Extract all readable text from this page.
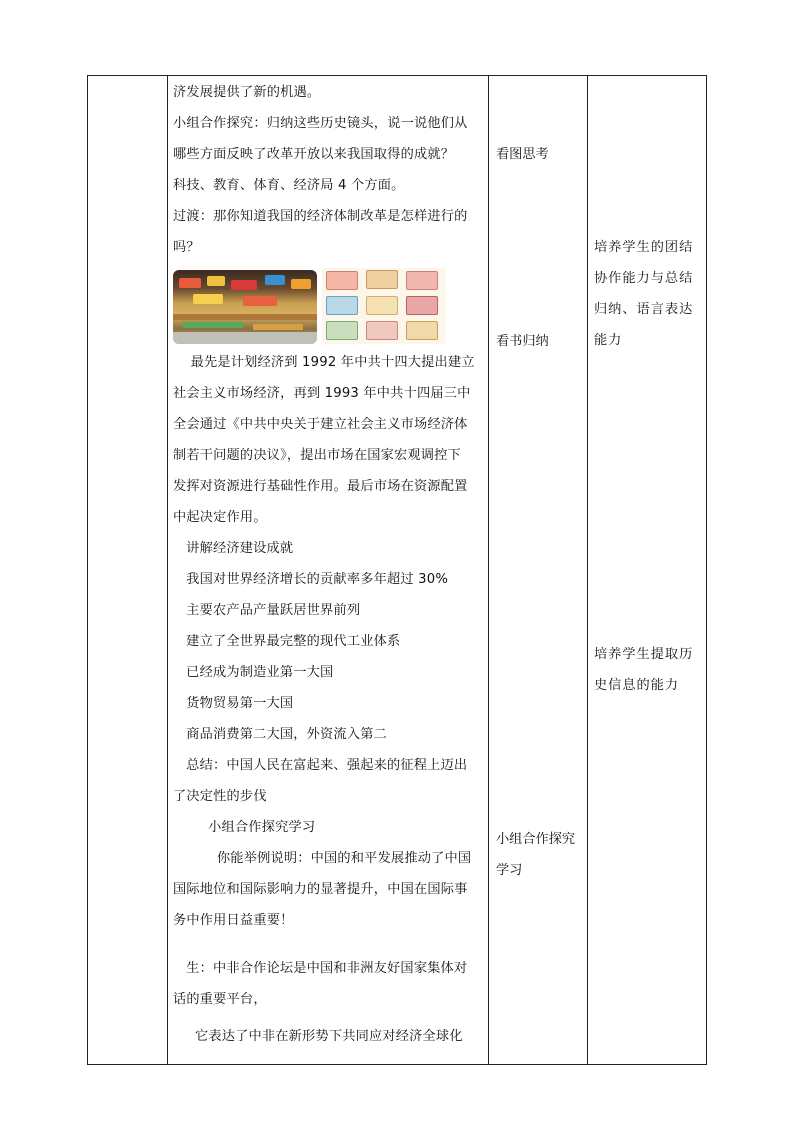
济发展提供了新的机遇。
小组合作探究：归纳这些历史镜头，说一说他们从
哪些方面反映了改革开放以来我国取得的成就？
科技、教育、体育、经济局 4 个方面。
过渡：那你知道我国的经济体制改革是怎样进行的
吗？
最先是计划经济到 1992 年中共十四大提出建立
社会主义市场经济，再到 1993 年中共十四届三中
全会通过《中共中央关于建立社会主义市场经济体
制若干问题的决议》，提出市场在国家宏观调控下
发挥对资源进行基础性作用。最后市场在资源配置
中起决定作用。
讲解经济建设成就
我国对世界经济增长的贡献率多年超过 30%
主要农产品产量跃居世界前列
建立了全世界最完整的现代工业体系
已经成为制造业第一大国
货物贸易第一大国
商品消费第二大国，外资流入第二
总结：中国人民在富起来、强起来的征程上迈出
了决定性的步伐
小组合作探究学习
你能举例说明：中国的和平发展推动了中国
国际地位和国际影响力的显著提升，中国在国际事
务中作用日益重要！
生：中非合作论坛是中国和非洲友好国家集体对
话的重要平台，
它表达了中非在新形势下共同应对经济全球化
看图思考
看书归纳
小组合作探究
学习
培养学生的团结
协作能力与总结
归纳、语言表达
能力
培养学生提取历
史信息的能力
